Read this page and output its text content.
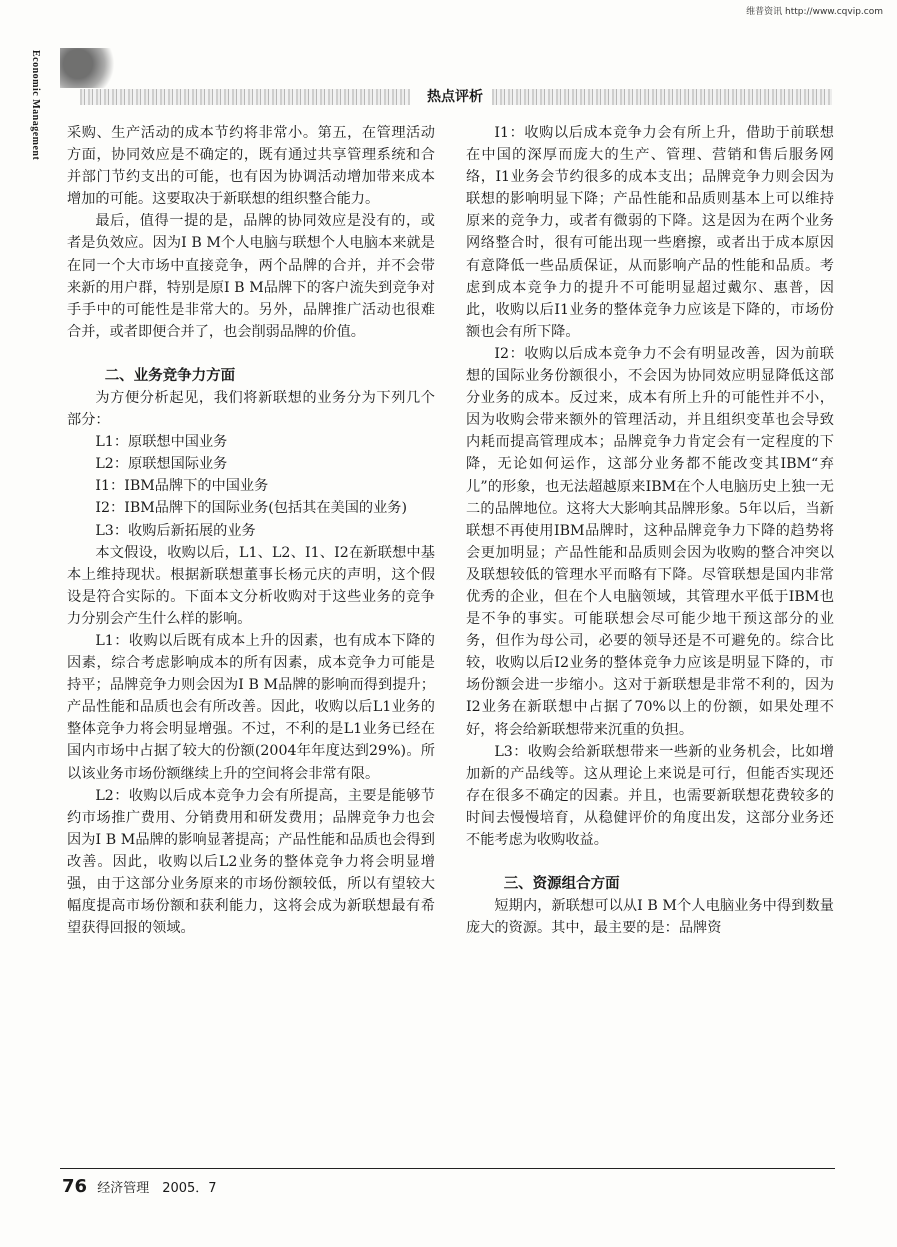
维普资讯 http://www.cqvip.com
Economic Management	热点评析

采购、生产活动的成本节约将非常小。第五，在管理活动方面，协同效应是不确定的，既有通过共享管理系统和合并部门节约支出的可能，也有因为协调活动增加带来成本增加的可能。这要取决于新联想的组织整合能力。

最后，值得一提的是，品牌的协同效应是没有的，或者是负效应。因为I B M个人电脑与联想个人电脑本来就是在同一个大市场中直接竞争，两个品牌的合并，并不会带来新的用户群，特别是原I B M品牌下的客户流失到竞争对手手中的可能性是非常大的。另外，品牌推广活动也很难合并，或者即便合并了，也会削弱品牌的价值。

二、业务竞争力方面

为方便分析起见，我们将新联想的业务分为下列几个部分：

L1：原联想中国业务

L2：原联想国际业务

I1：IBM品牌下的中国业务

I2：IBM品牌下的国际业务(包括其在美国的业务)

L3：收购后新拓展的业务

本文假设，收购以后，L1、L2、I1、I2在新联想中基本上维持现状。根据新联想董事长杨元庆的声明，这个假设是符合实际的。下面本文分析收购对于这些业务的竞争力分别会产生什么样的影响。

L1：收购以后既有成本上升的因素，也有成本下降的因素，综合考虑影响成本的所有因素，成本竞争力可能是持平；品牌竞争力则会因为I B M品牌的影响而得到提升；产品性能和品质也会有所改善。因此，收购以后L1业务的整体竞争力将会明显增强。不过，不利的是L1业务已经在国内市场中占据了较大的份额(2004年年度达到29%)。所以该业务市场份额继续上升的空间将会非常有限。

L2：收购以后成本竞争力会有所提高，主要是能够节约市场推广费用、分销费用和研发费用；品牌竞争力也会因为I B M品牌的影响显著提高；产品性能和品质也会得到改善。因此，收购以后L2业务的整体竞争力将会明显增强，由于这部分业务原来的市场份额较低，所以有望较大幅度提高市场份额和获利能力，这将会成为新联想最有希望获得回报的领域。

I1：收购以后成本竞争力会有所上升，借助于前联想在中国的深厚而庞大的生产、管理、营销和售后服务网络，I1业务会节约很多的成本支出；品牌竞争力则会因为联想的影响明显下降；产品性能和品质则基本上可以维持原来的竞争力，或者有微弱的下降。这是因为在两个业务网络整合时，很有可能出现一些磨擦，或者出于成本原因有意降低一些品质保证，从而影响产品的性能和品质。考虑到成本竞争力的提升不可能明显超过戴尔、惠普，因此，收购以后I1业务的整体竞争力应该是下降的，市场份额也会有所下降。

I2：收购以后成本竞争力不会有明显改善，因为前联想的国际业务份额很小，不会因为协同效应明显降低这部分业务的成本。反过来，成本有所上升的可能性并不小，因为收购会带来额外的管理活动，并且组织变革也会导致内耗而提高管理成本；品牌竞争力肯定会有一定程度的下降，无论如何运作，这部分业务都不能改变其IBM“弃儿”的形象，也无法超越原来IBM在个人电脑历史上独一无二的品牌地位。这将大大影响其品牌形象。5年以后，当新联想不再使用IBM品牌时，这种品牌竞争力下降的趋势将会更加明显；产品性能和品质则会因为收购的整合冲突以及联想较低的管理水平而略有下降。尽管联想是国内非常优秀的企业，但在个人电脑领域，其管理水平低于IBM也是不争的事实。可能联想会尽可能少地干预这部分的业务，但作为母公司，必要的领导还是不可避免的。综合比较，收购以后I2业务的整体竞争力应该是明显下降的，市场份额会进一步缩小。这对于新联想是非常不利的，因为I2业务在新联想中占据了70%以上的份额，如果处理不好，将会给新联想带来沉重的负担。

L3：收购会给新联想带来一些新的业务机会，比如增加新的产品线等。这从理论上来说是可行，但能否实现还存在很多不确定的因素。并且，也需要新联想花费较多的时间去慢慢培育，从稳健评价的角度出发，这部分业务还不能考虑为收购收益。

三、资源组合方面

短期内，新联想可以从I B M个人电脑业务中得到数量庞大的资源。其中，最主要的是：品牌资

76 经济管理　2005．7
